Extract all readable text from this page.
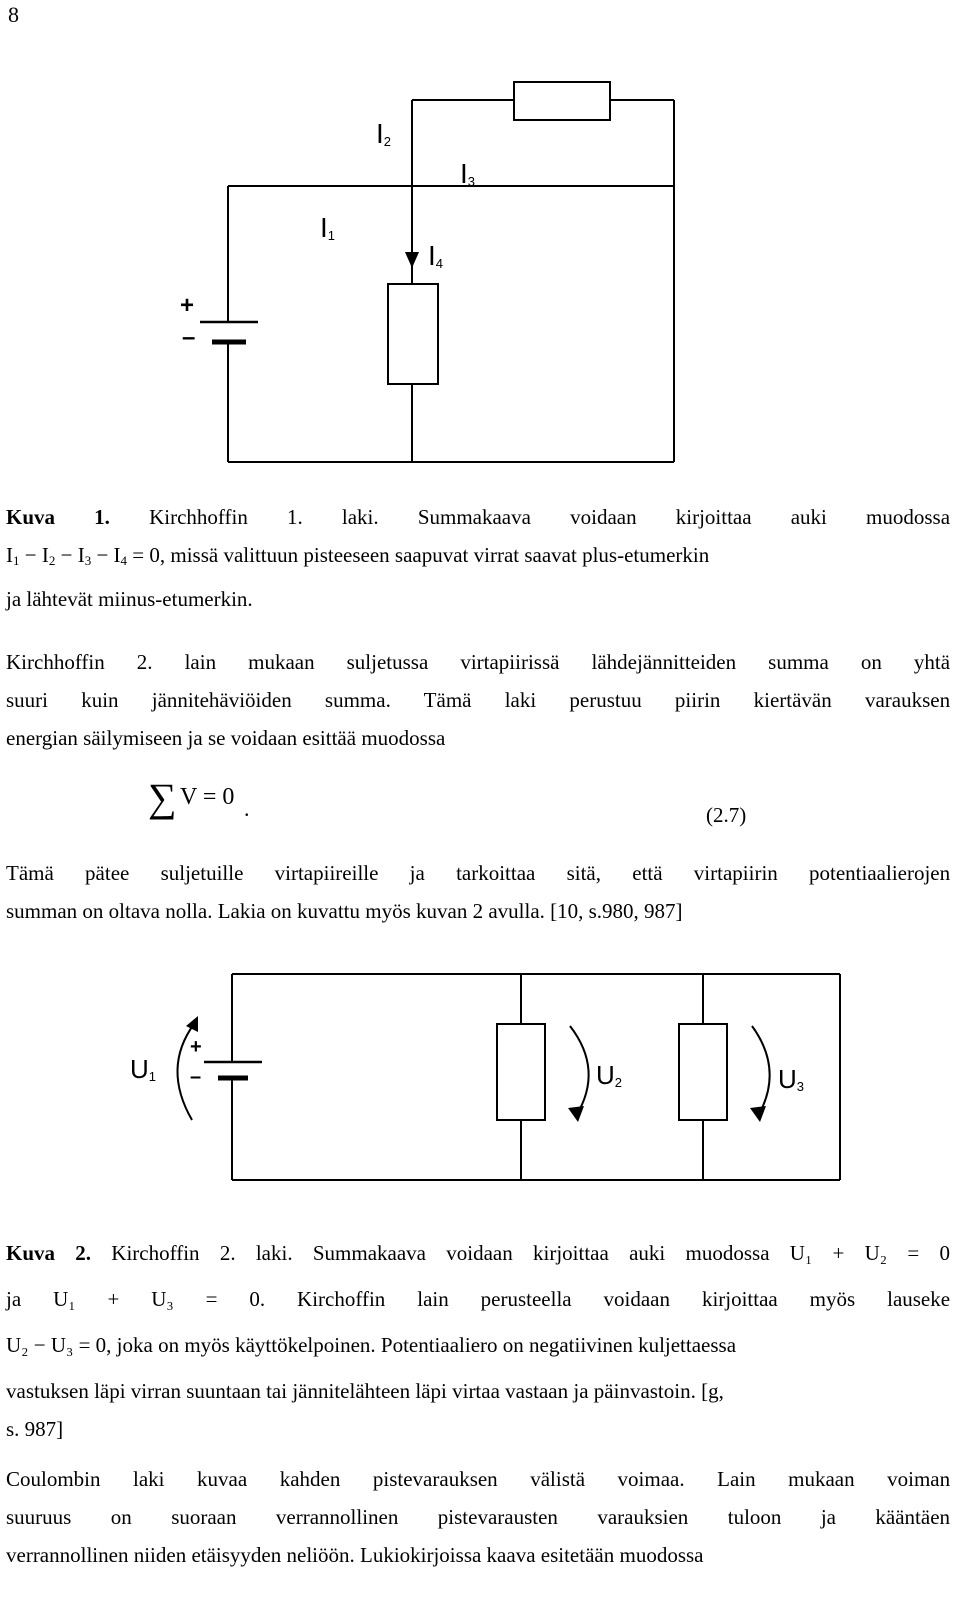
8
$I_2$
$I_3$
$I_1$
$I_4$
+
–
Kuva 1. Kirchhoffin 1. laki. Summakaava voidaan kirjoittaa auki muodossa
$I_1 - I_2 - I_3 - I_4 = 0$, missä valittuun pisteeseen saapuvat virrat saavat plus-etumerkin
ja lähtevät miinus-etumerkin.
Kirchhoffin 2. lain mukaan suljetussa virtapiirissä lähdejännitteiden summa on yhtä
suuri kuin jännitehäviöiden summa. Tämä laki perustuu piirin kiertävän varauksen
energian säilymiseen ja se voidaan esittää muodossa
∑ V = 0 .	(2.7)
Tämä pätee suljetuille virtapiireille ja tarkoittaa sitä, että virtapiirin potentiaalierojen
summan on oltava nolla. Lakia on kuvattu myös kuvan 2 avulla. [10, s.980, 987]
$U_1$	$U_2$	$U_3$
+
–
Kuva 2. Kirchoffin 2. laki. Summakaava voidaan kirjoittaa auki muodossa U₁ + U₂ = 0
ja U₁ + U₃ = 0. Kirchoffin lain perusteella voidaan kirjoittaa myös lauseke
U₂ − U₃ = 0, joka on myös käyttökelpoinen. Potentiaaliero on negatiivinen kuljettaessa
vastuksen läpi virran suuntaan tai jännitelähteen läpi virtaa vastaan ja päinvastoin. [g,
s. 987]
Coulombin laki kuvaa kahden pistevarauksen välistä voimaa. Lain mukaan voiman
suuruus on suoraan verrannollinen pistevarausten varauksien tuloon ja kääntäen
verrannollinen niiden etäisyyden neliöön. Lukiokirjoissa kaava esitetään muodossa
